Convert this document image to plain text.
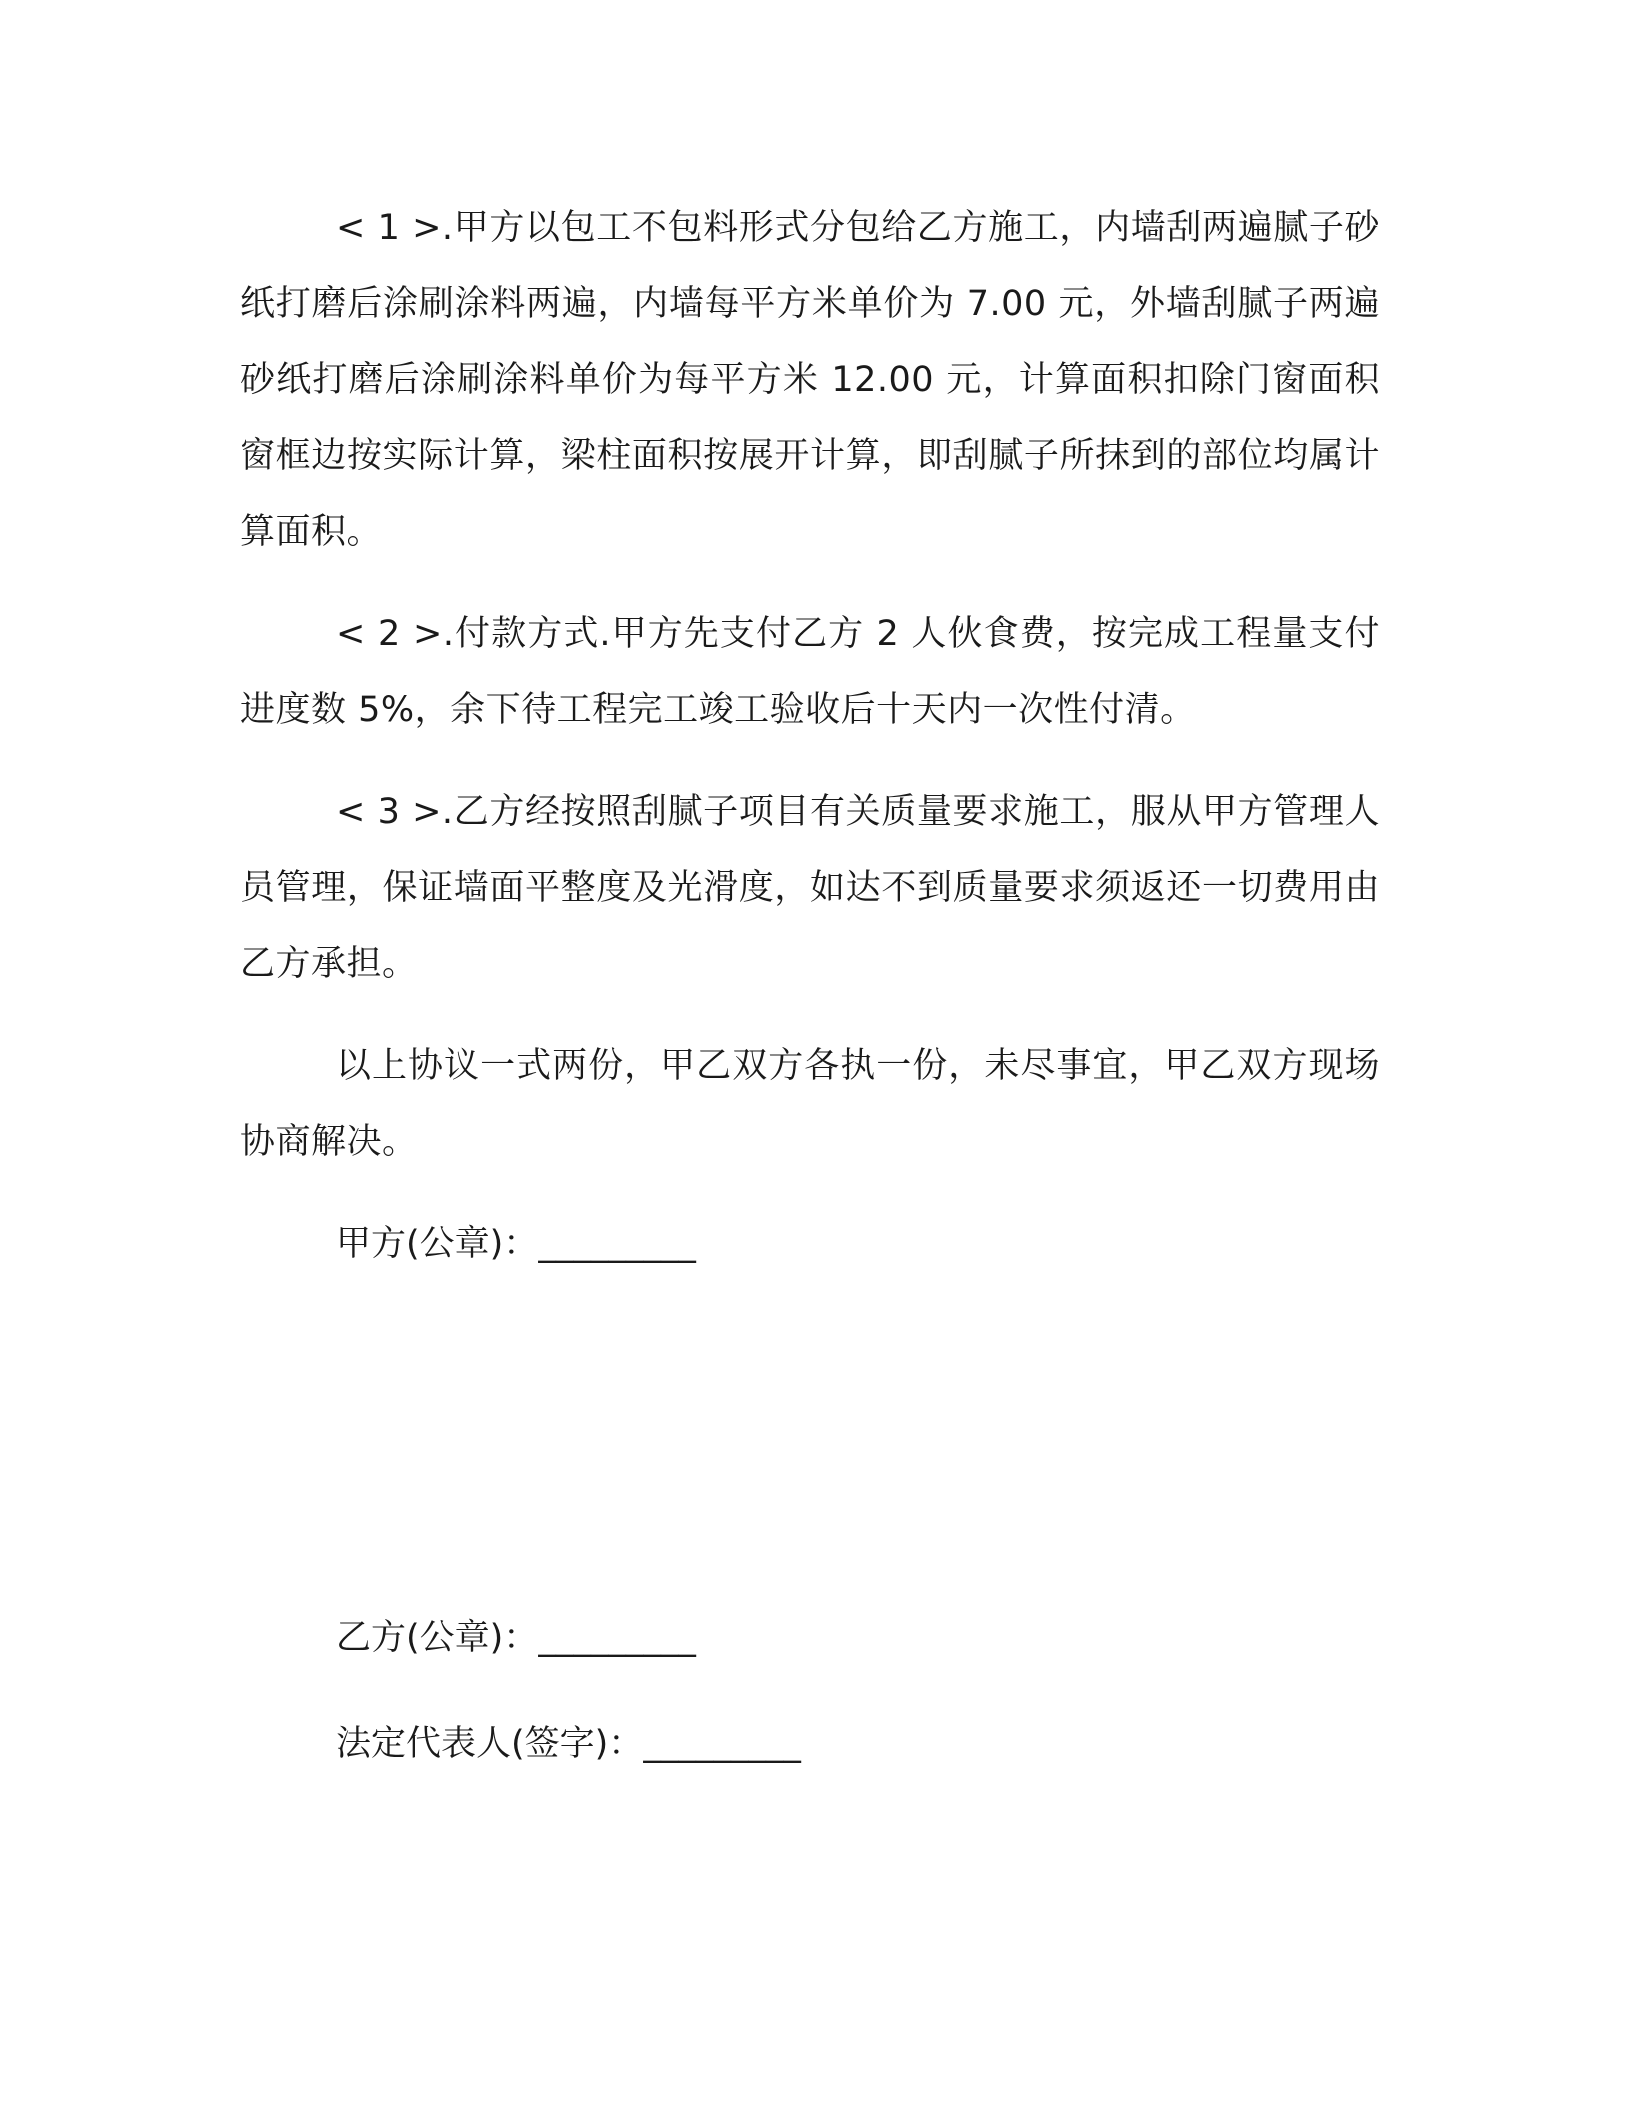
< 1 >.甲方以包工不包料形式分包给乙方施工，内墙刮两遍腻子砂纸打磨后涂刷涂料两遍，内墙每平方米单价为 7.00 元，外墙刮腻子两遍砂纸打磨后涂刷涂料单价为每平方米 12.00 元，计算面积扣除门窗面积窗框边按实际计算，梁柱面积按展开计算，即刮腻子所抹到的部位均属计算面积。

< 2 >.付款方式.甲方先支付乙方 2 人伙食费，按完成工程量支付进度数 5%，余下待工程完工竣工验收后十天内一次性付清。

< 3 >.乙方经按照刮腻子项目有关质量要求施工，服从甲方管理人员管理，保证墙面平整度及光滑度，如达不到质量要求须返还一切费用由乙方承担。

以上协议一式两份，甲乙双方各执一份，未尽事宜，甲乙双方现场协商解决。

甲方(公章)：_________
乙方(公章)：_________
法定代表人(签字)：_________
